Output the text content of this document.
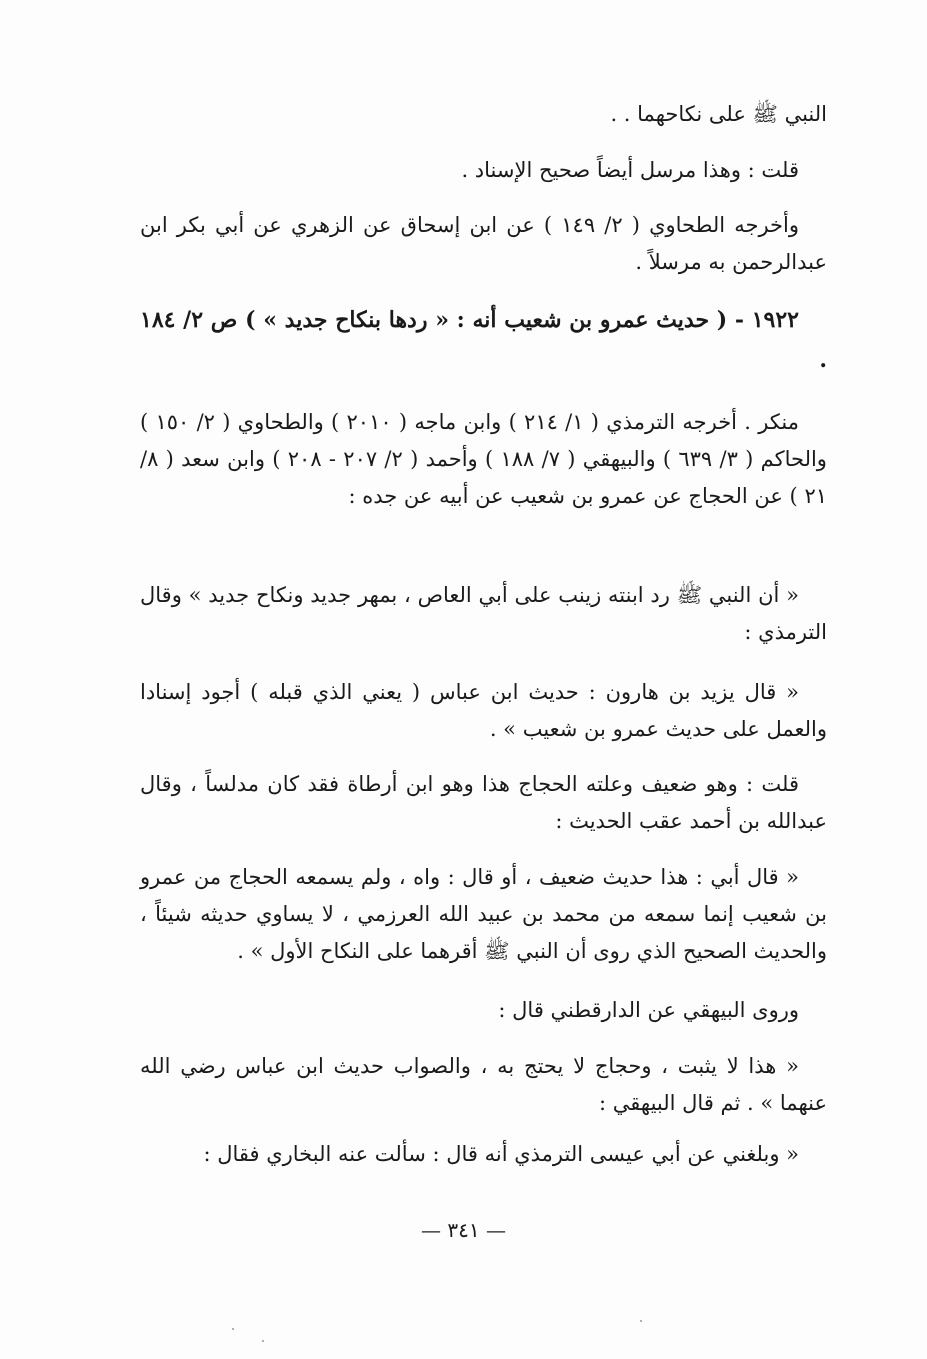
النبي ﷺ على نكاحهما . .

قلت : وهذا مرسل أيضاً صحيح الإسناد .

وأخرجه الطحاوي ( ٢/ ١٤٩ ) عن ابن إسحاق عن الزهري عن أبي بكر ابن عبدالرحمن به مرسلاً .

١٩٢٢ - ( حديث عمرو بن شعيب أنه : « ردها بنكاح جديد » ) ص ٢/ ١٨٤ .

منكر . أخرجه الترمذي ( ١/ ٢١٤ ) وابن ماجه ( ٢٠١٠ ) والطحاوي ( ٢/ ١٥٠ ) والحاكم ( ٣/ ٦٣٩ ) والبيهقي ( ٧/ ١٨٨ ) وأحمد ( ٢/ ٢٠٧ - ٢٠٨ ) وابن سعد ( ٨/ ٢١ ) عن الحجاج عن عمرو بن شعيب عن أبيه عن جده :

« أن النبي ﷺ رد ابنته زينب على أبي العاص ، بمهر جديد ونكاح جديد » وقال الترمذي :

« قال يزيد بن هارون : حديث ابن عباس ( يعني الذي قبله ) أجود إسنادا والعمل على حديث عمرو بن شعيب » .

قلت : وهو ضعيف وعلته الحجاج هذا وهو ابن أرطاة فقد كان مدلساً ، وقال عبدالله بن أحمد عقب الحديث :

« قال أبي : هذا حديث ضعيف ، أو قال : واه ، ولم يسمعه الحجاج من عمرو بن شعيب إنما سمعه من محمد بن عبيد الله العرزمي ، لا يساوي حديثه شيئاً ، والحديث الصحيح الذي روى أن النبي ﷺ أقرهما على النكاح الأول » .

وروى البيهقي عن الدارقطني قال :

« هذا لا يثبت ، وحجاج لا يحتج به ، والصواب حديث ابن عباس رضي الله عنهما » . ثم قال البيهقي :

« وبلغني عن أبي عيسى الترمذي أنه قال : سألت عنه البخاري فقال :

— ٣٤١ —
